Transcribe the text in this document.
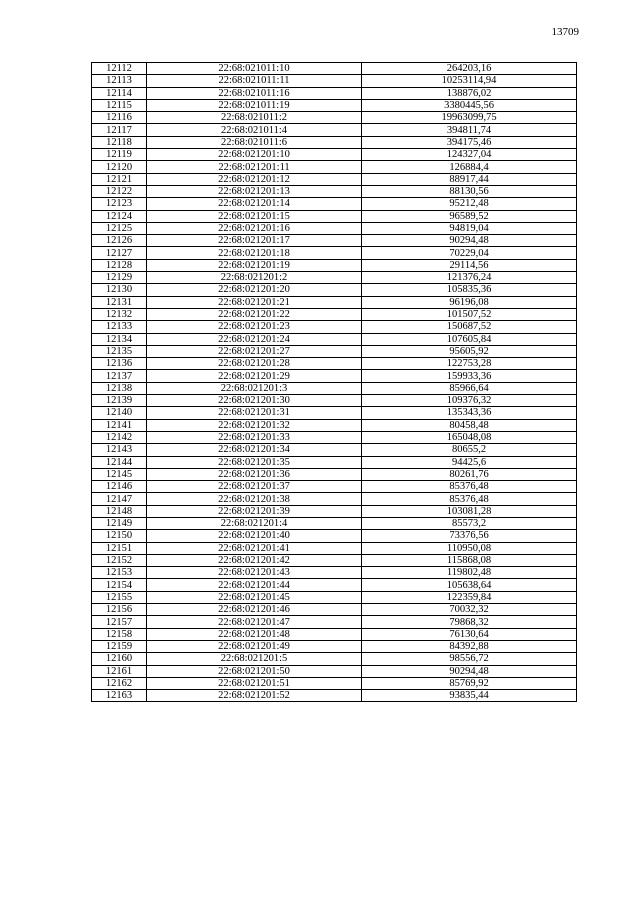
13709
12112	22:68:021011:10	264203,16
12113	22:68:021011:11	10253114,94
12114	22:68:021011:16	138876,02
12115	22:68:021011:19	3380445,56
12116	22:68:021011:2	19963099,75
12117	22:68:021011:4	394811,74
12118	22:68:021011:6	394175,46
12119	22:68:021201:10	124327,04
12120	22:68:021201:11	126884,4
12121	22:68:021201:12	88917,44
12122	22:68:021201:13	88130,56
12123	22:68:021201:14	95212,48
12124	22:68:021201:15	96589,52
12125	22:68:021201:16	94819,04
12126	22:68:021201:17	90294,48
12127	22:68:021201:18	70229,04
12128	22:68:021201:19	29114,56
12129	22:68:021201:2	121376,24
12130	22:68:021201:20	105835,36
12131	22:68:021201:21	96196,08
12132	22:68:021201:22	101507,52
12133	22:68:021201:23	150687,52
12134	22:68:021201:24	107605,84
12135	22:68:021201:27	95605,92
12136	22:68:021201:28	122753,28
12137	22:68:021201:29	159933,36
12138	22:68:021201:3	85966,64
12139	22:68:021201:30	109376,32
12140	22:68:021201:31	135343,36
12141	22:68:021201:32	80458,48
12142	22:68:021201:33	165048,08
12143	22:68:021201:34	80655,2
12144	22:68:021201:35	94425,6
12145	22:68:021201:36	80261,76
12146	22:68:021201:37	85376,48
12147	22:68:021201:38	85376,48
12148	22:68:021201:39	103081,28
12149	22:68:021201:4	85573,2
12150	22:68:021201:40	73376,56
12151	22:68:021201:41	110950,08
12152	22:68:021201:42	115868,08
12153	22:68:021201:43	119802,48
12154	22:68:021201:44	105638,64
12155	22:68:021201:45	122359,84
12156	22:68:021201:46	70032,32
12157	22:68:021201:47	79868,32
12158	22:68:021201:48	76130,64
12159	22:68:021201:49	84392,88
12160	22:68:021201:5	98556,72
12161	22:68:021201:50	90294,48
12162	22:68:021201:51	85769,92
12163	22:68:021201:52	93835,44
